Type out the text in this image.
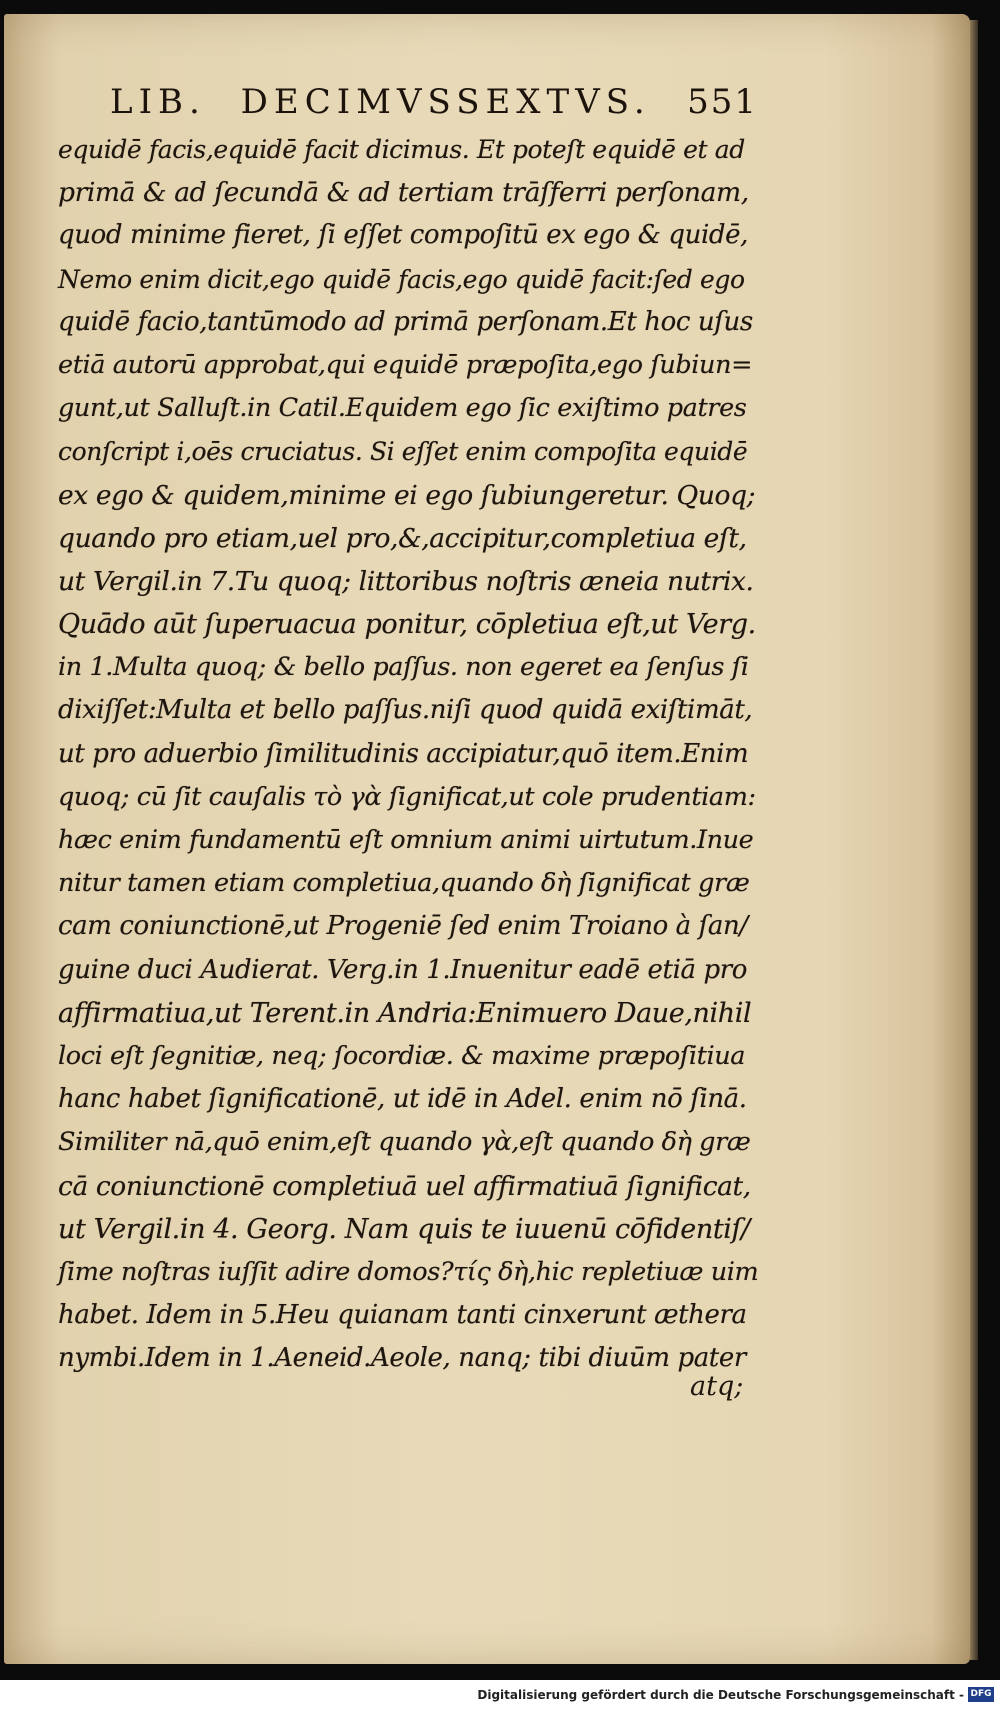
LIB. DECIMVSSEXTVS. 551
equidē facis,equidē facit dicimus. Et poteſt equidē et ad
primā & ad ſecundā & ad tertiam trāſferri perſonam,
quod minime fieret, ſi eſſet compoſitū ex ego & quidē,
Nemo enim dicit,ego quidē facis,ego quidē facit:ſed ego
quidē facio,tantūmodo ad primā perſonam.Et hoc uſus
etiā autorū approbat,qui equidē præpoſita,ego ſubiun=
gunt,ut Salluſt.in Catil.Equidem ego ſic exiſtimo patres
conſcript i,oēs cruciatus. Si eſſet enim compoſita equidē
ex ego & quidem,minime ei ego ſubiungeretur. Quoq;
quando pro etiam,uel pro,&,accipitur,completiua eſt,
ut Vergil.in 7.Tu quoq; littoribus noſtris æneia nutrix.
Quādo aūt ſuperuacua ponitur, cōpletiua eſt,ut Verg.
in 1.Multa quoq; & bello paſſus. non egeret ea ſenſus ſi
dixiſſet:Multa et bello paſſus.niſi quod quidā exiſtimāt,
ut pro aduerbio ſimilitudinis accipiatur,quō item.Enim
quoq; cū ſit cauſalis τὸ γὰ ſignificat,ut cole prudentiam:
hæc enim fundamentū eſt omnium animi uirtutum.Inue
nitur tamen etiam completiua,quando δὴ ſignificat græ
cam coniunctionē,ut Progeniē ſed enim Troiano à ſan/
guine duci Audierat. Verg.in 1.Inuenitur eadē etiā pro
affirmatiua,ut Terent.in Andria:Enimuero Daue,nihil
loci eſt ſegnitiæ, neq; ſocordiæ. & maxime præpoſitiua
hanc habet ſignificationē, ut idē in Adel. enim nō ſinā.
Similiter nā,quō enim,eſt quando γὰ,eſt quando δὴ græ
cā coniunctionē completiuā uel affirmatiuā ſignificat,
ut Vergil.in 4. Georg. Nam quis te iuuenū cōfidentiſ/
ſime noſtras iuſſit adire domos?τίς δὴ,hic repletiuæ uim
habet. Idem in 5.Heu quianam tanti cinxerunt æthera
nymbi.Idem in 1.Aeneid.Aeole, nanq; tibi diuūm pater
atq;
Digitalisierung gefördert durch die Deutsche Forschungsgemeinschaft - DFG
